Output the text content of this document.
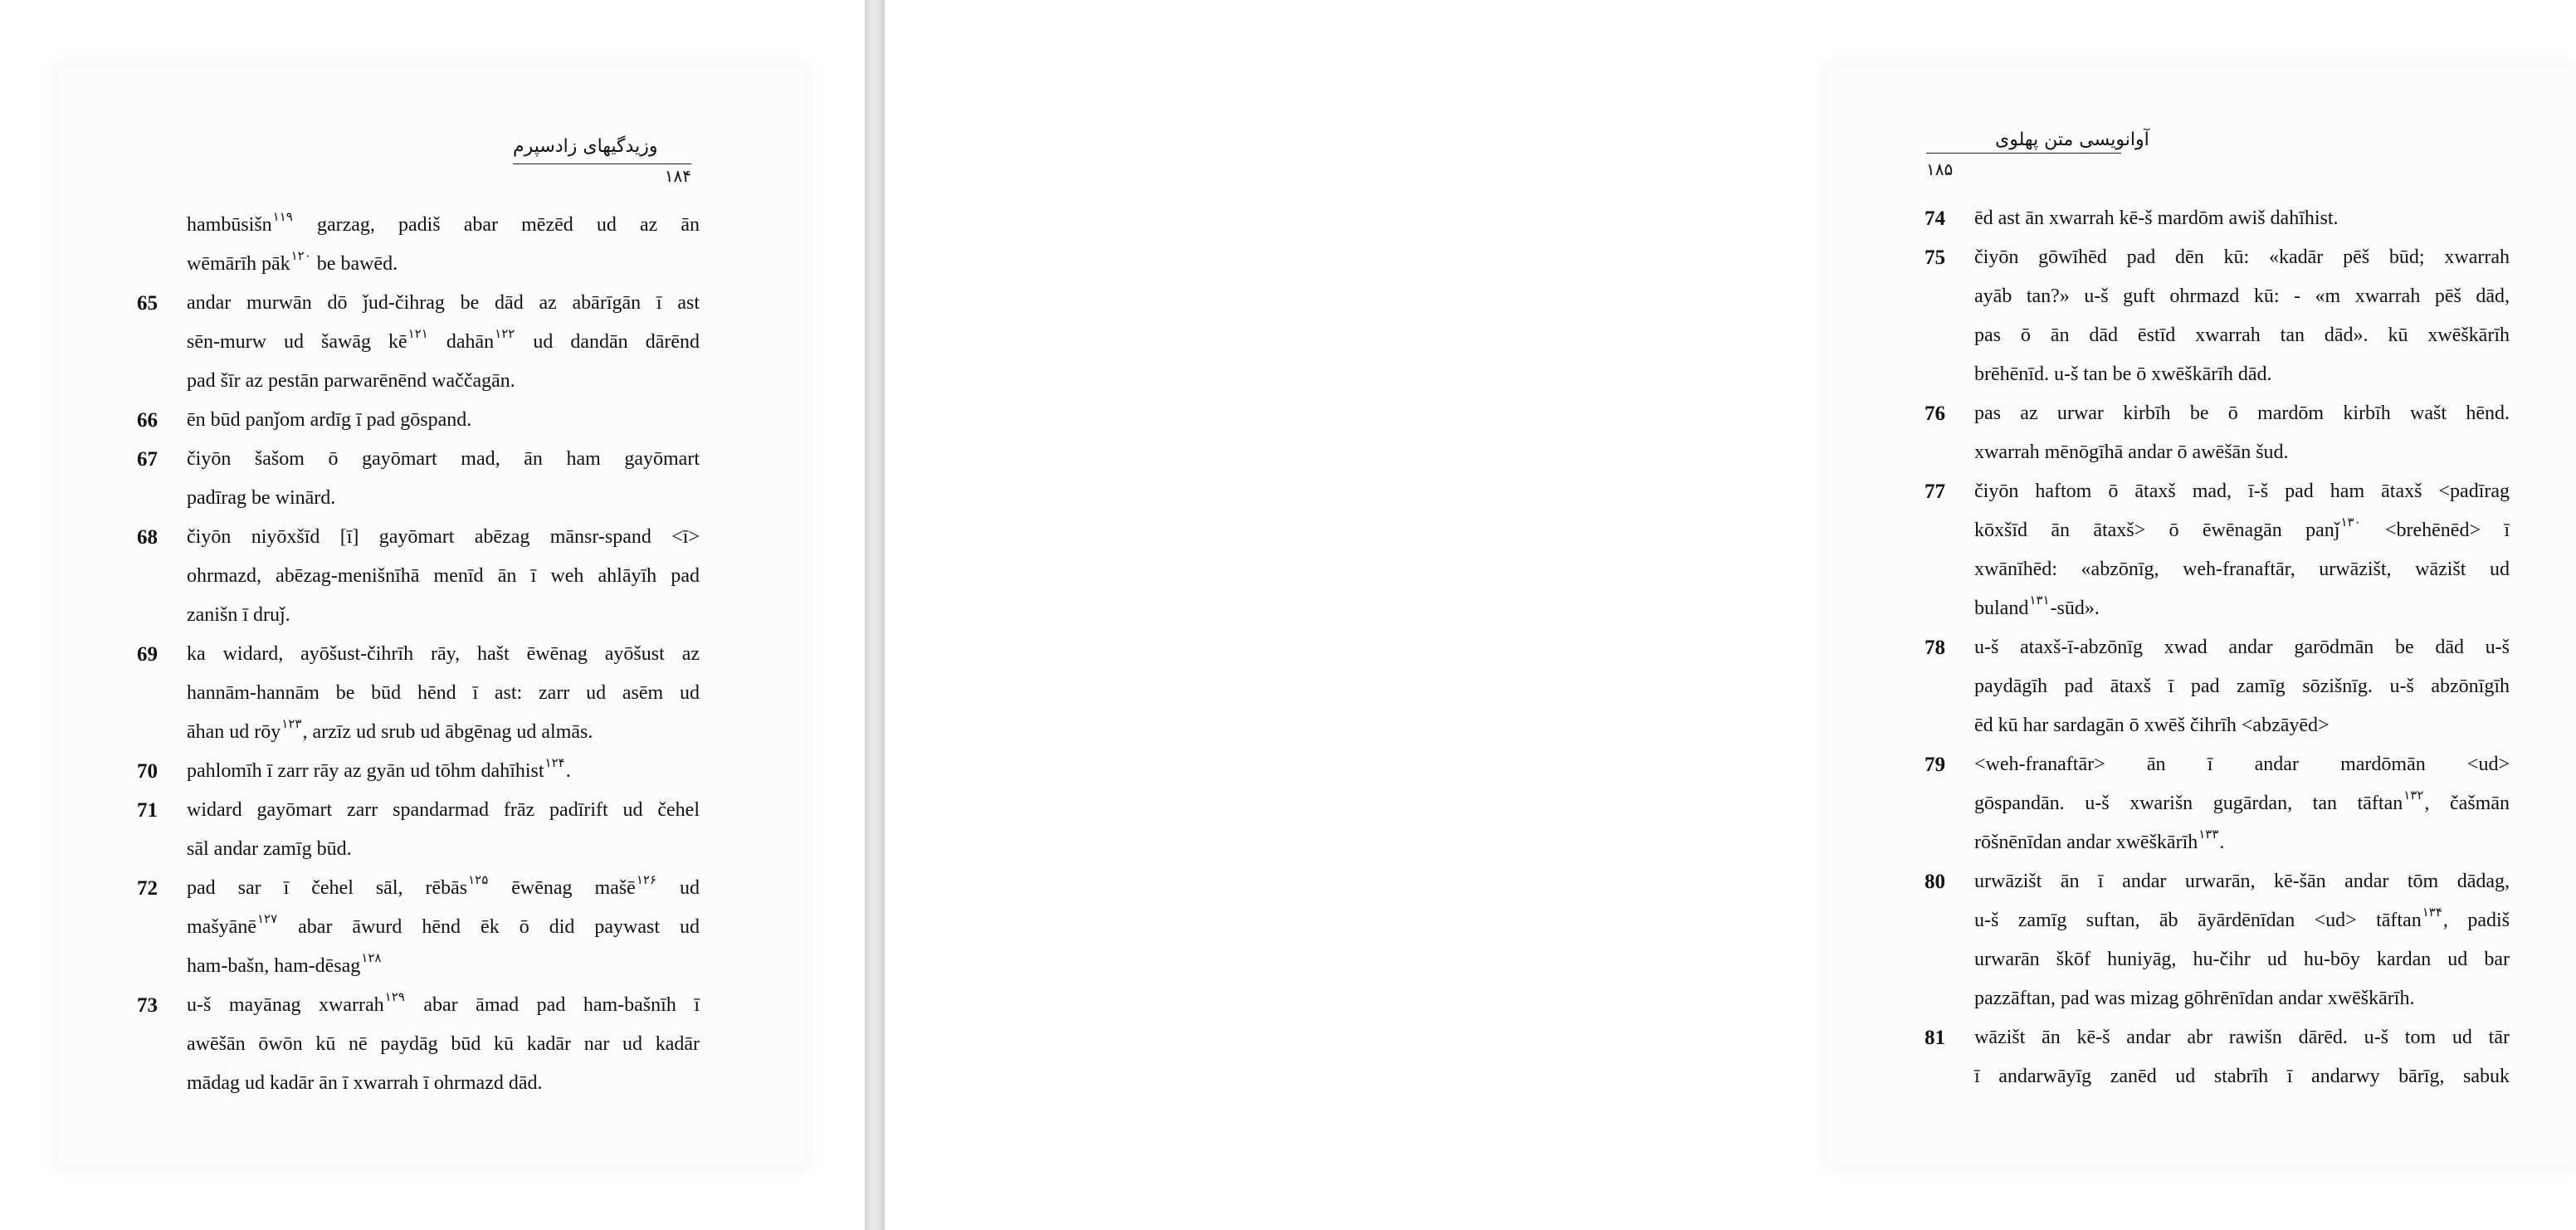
وزیدگیهای زادسپرم
۱۸۴
hambūsišn$^{۱۱۹}$ garzag, padiš abar mēzēd ud az ān
wēmārīh pāk$^{۱۲۰}$ be bawēd.
65 andar murwān dō ǰud-čihrag be dād az abārīgān ī ast
sēn-murw ud šawāg kē$^{۱۲۱}$ dahān$^{۱۲۲}$ ud dandān dārēnd
pad šīr az pestān parwarēnēnd waččagān.
66 ēn būd panǰom ardīg ī pad gōspand.
67 čiyōn šašom ō gayōmart mad, ān ham gayōmart
padīrag be winārd.
68 čiyōn niyōxšīd [ī] gayōmart abēzag mānsr-spand <ī>
ohrmazd, abēzag-menišnīhā menīd ān ī weh ahlāyīh pad
zanišn ī druǰ.
69 ka widard, ayōšust-čihrīh rāy, hašt ēwēnag ayōšust az
hannām-hannām be būd hēnd ī ast: zarr ud asēm ud
āhan ud rōy$^{۱۲۳}$, arzīz ud srub ud ābgēnag ud almās.
70 pahlomīh ī zarr rāy az gyān ud tōhm dahīhist$^{۱۲۴}$.
71 widard gayōmart zarr spandarmad frāz padīrift ud čehel
sāl andar zamīg būd.
72 pad sar ī čehel sāl, rēbās$^{۱۲۵}$ ēwēnag mašē$^{۱۲۶}$ ud
mašyānē$^{۱۲۷}$ abar āwurd hēnd ēk ō did paywast ud
ham-bašn, ham-dēsag$^{۱۲۸}$
73 u-š mayānag xwarrah$^{۱۲۹}$ abar āmad pad ham-bašnīh ī
awēšān ōwōn kū nē paydāg būd kū kadār nar ud kadār
mādag ud kadār ān ī xwarrah ī ohrmazd dād.
آوانویسی متن پهلوی
۱۸۵
74 ēd ast ān xwarrah kē-š mardōm awiš dahīhist.
75 čiyōn gōwīhēd pad dēn kū: «kadār pēš būd; xwarrah
ayāb tan?» u-š guft ohrmazd kū: - «m xwarrah pēš dād,
pas ō ān dād ēstīd xwarrah tan dād». kū xwēškārīh
brēhēnīd. u-š tan be ō xwēškārīh dād.
76 pas az urwar kirbīh be ō mardōm kirbīh wašt hēnd.
xwarrah mēnōgīhā andar ō awēšān šud.
77 čiyōn haftom ō ātaxš mad, ī-š pad ham ātaxš <padīrag
kōxšīd ān ātaxš> ō ēwēnagān panǰ$^{۱۳۰}$ <brehēnēd> ī
xwānīhēd: «abzōnīg, weh-franaftār, urwāzišt, wāzišt ud
buland$^{۱۳۱}$-sūd».
78 u-š ataxš-ī-abzōnīg xwad andar garōdmān be dād u-š
paydāgīh pad ātaxš ī pad zamīg sōzišnīg. u-š abzōnīgīh
ēd kū har sardagān ō xwēš čihrīh <abzāyēd>
79 <weh-franaftār> ān ī andar mardōmān <ud>
gōspandān. u-š xwarišn gugārdan, tan tāftan$^{۱۳۲}$, čašmān
rōšnēnīdan andar xwēškārīh$^{۱۳۳}$.
80 urwāzišt ān ī andar urwarān, kē-šān andar tōm dādag,
u-š zamīg suftan, āb āyārdēnīdan <ud> tāftan$^{۱۳۴}$, padiš
urwarān škōf huniyāg, hu-čihr ud hu-bōy kardan ud bar
pazzāftan, pad was mizag gōhrēnīdan andar xwēškārīh.
81 wāzišt ān kē-š andar abr rawišn dārēd. u-š tom ud tār
ī andarwāyīg zanēd ud stabrīh ī andarwy bārīg, sabuk
